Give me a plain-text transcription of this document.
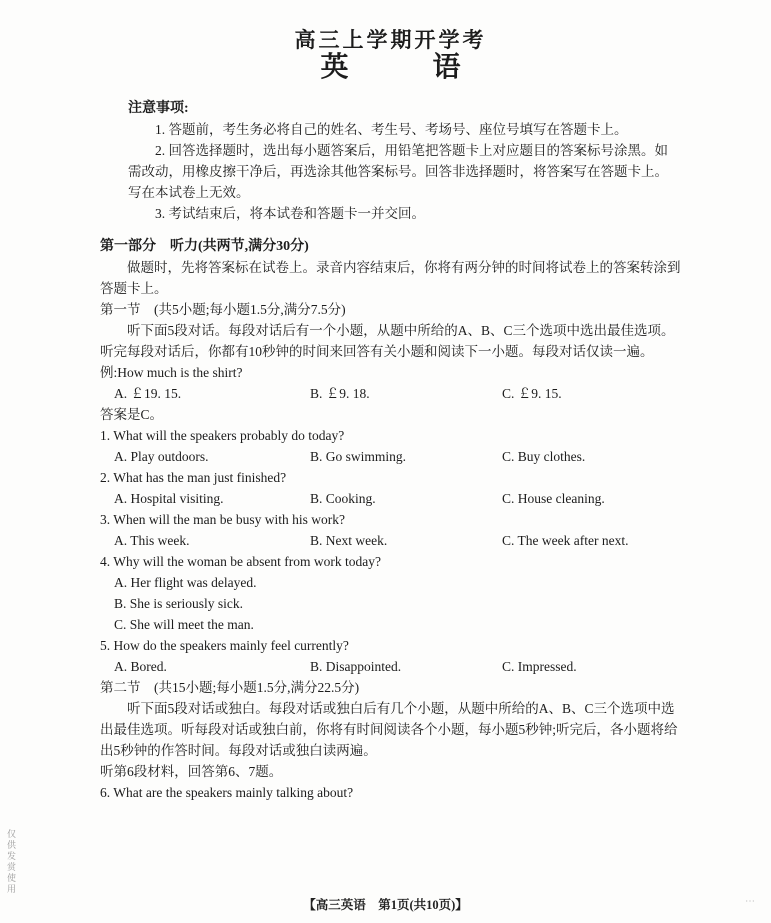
仅供发赏使用
高三上学期开学考
英　　　语
注意事项:
1. 答题前，考生务必将自己的姓名、考生号、考场号、座位号填写在答题卡上。
2. 回答选择题时，选出每小题答案后，用铅笔把答题卡上对应题目的答案标号涂黑。如需改动，用橡皮擦干净后，再选涂其他答案标号。回答非选择题时，将答案写在答题卡上。写在本试卷上无效。
3. 考试结束后，将本试卷和答题卡一并交回。
第一部分　听力(共两节,满分30分)
做题时，先将答案标在试卷上。录音内容结束后，你将有两分钟的时间将试卷上的答案转涂到答题卡上。
第一节　(共5小题;每小题1.5分,满分7.5分)
听下面5段对话。每段对话后有一个小题，从题中所给的A、B、C三个选项中选出最佳选项。听完每段对话后，你都有10秒钟的时间来回答有关小题和阅读下一小题。每段对话仅读一遍。
例:How much is the shirt?
A. ￡19. 15.	B. ￡9. 18.	C. ￡9. 15.
答案是C。
1. What will the speakers probably do today?
A. Play outdoors.	B. Go swimming.	C. Buy clothes.
2. What has the man just finished?
A. Hospital visiting.	B. Cooking.	C. House cleaning.
3. When will the man be busy with his work?
A. This week.	B. Next week.	C. The week after next.
4. Why will the woman be absent from work today?
A. Her flight was delayed.
B. She is seriously sick.
C. She will meet the man.
5. How do the speakers mainly feel currently?
A. Bored.	B. Disappointed.	C. Impressed.
第二节　(共15小题;每小题1.5分,满分22.5分)
听下面5段对话或独白。每段对话或独白后有几个小题，从题中所给的A、B、C三个选项中选出最佳选项。听每段对话或独白前，你将有时间阅读各个小题，每小题5秒钟;听完后，各小题将给出5秒钟的作答时间。每段对话或独白读两遍。
听第6段材料，回答第6、7题。
6. What are the speakers mainly talking about?
【高三英语　第1页(共10页)】	⋯
